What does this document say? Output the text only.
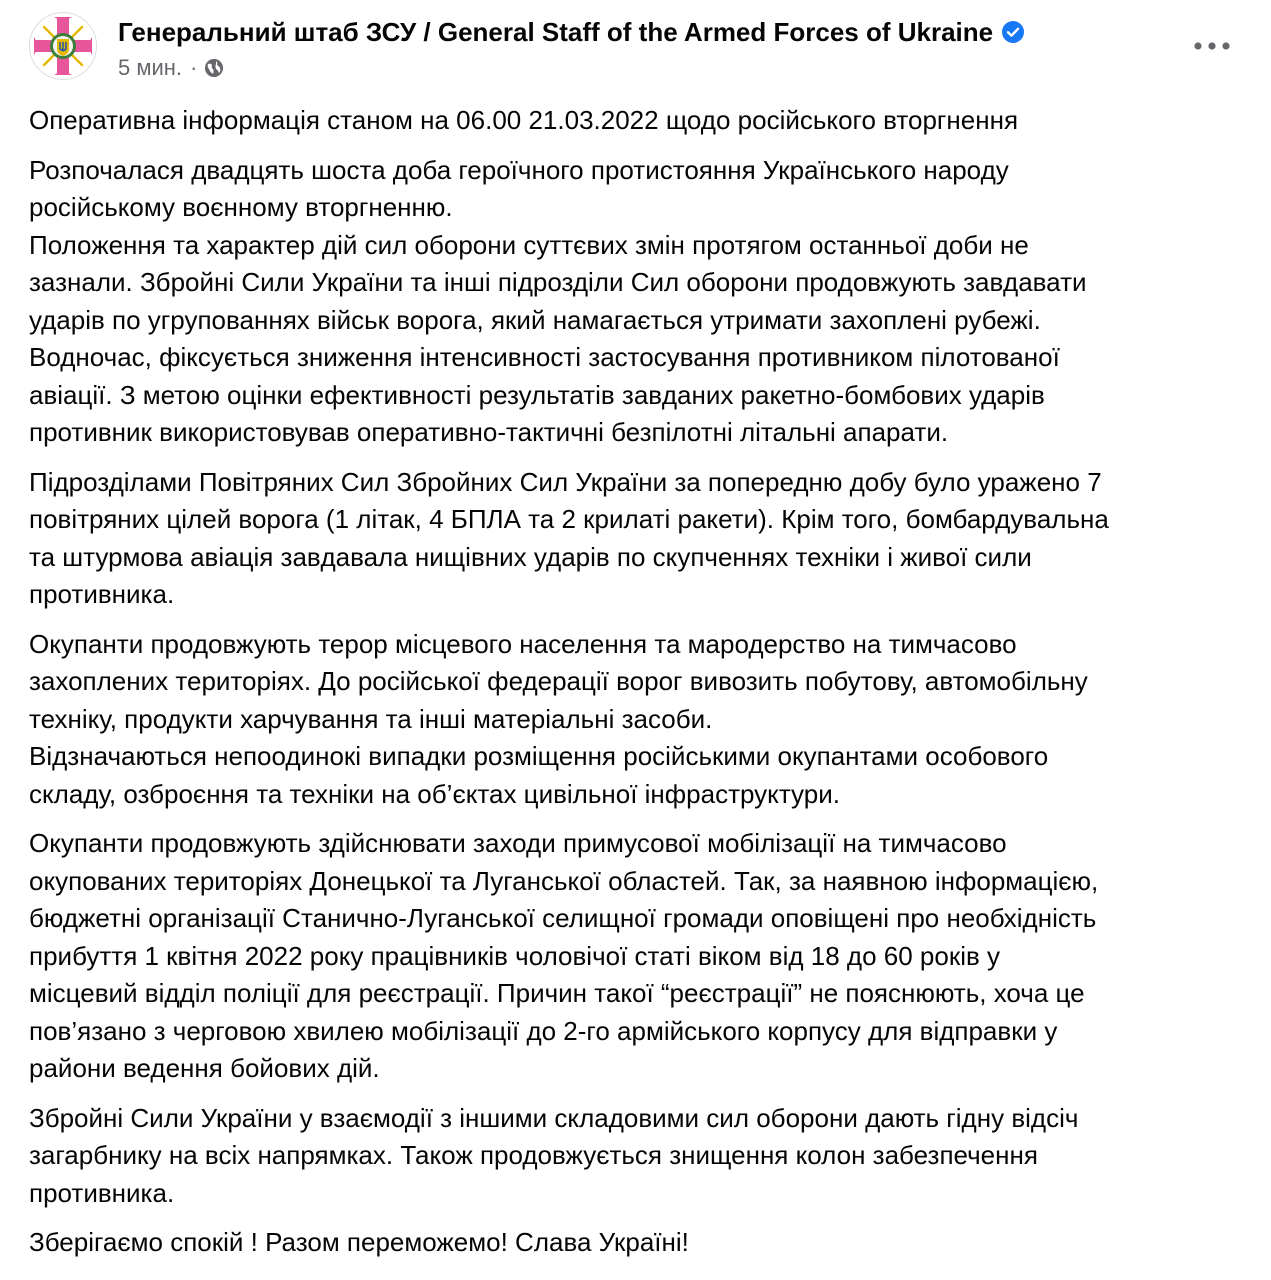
Генеральний штаб ЗСУ / General Staff of the Armed Forces of Ukraine
5 мин. ·
Оперативна інформація станом на 06.00 21.03.2022 щодо російського вторгнення
Розпочалася двадцять шоста доба героїчного протистояння Українського народу
російському воєнному вторгненню.
Положення та характер дій сил оборони суттєвих змін протягом останньої доби не
зазнали. Збройні Сили України та інші підрозділи Сил оборони продовжують завдавати
ударів по угрупованнях військ ворога, який намагається утримати захоплені рубежі.
Водночас, фіксується зниження інтенсивності застосування противником пілотованої
авіації. З метою оцінки ефективності результатів завданих ракетно-бомбових ударів
противник використовував оперативно-тактичні безпілотні літальні апарати.
Підрозділами Повітряних Сил Збройних Сил України за попередню добу було уражено 7
повітряних цілей ворога (1 літак, 4 БПЛА та 2 крилаті ракети). Крім того, бомбардувальна
та штурмова авіація завдавала нищівних ударів по скупченнях техніки і живої сили
противника.
Окупанти продовжують терор місцевого населення та мародерство на тимчасово
захоплених територіях. До російської федерації ворог вивозить побутову, автомобільну
техніку, продукти харчування та інші матеріальні засоби.
Відзначаються непоодинокі випадки розміщення російськими окупантами особового
складу, озброєння та техніки на об’єктах цивільної інфраструктури.
Окупанти продовжують здійснювати заходи примусової мобілізації на тимчасово
окупованих територіях Донецької та Луганської областей. Так, за наявною інформацією,
бюджетні організації Станично-Луганської селищної громади оповіщені про необхідність
прибуття 1 квітня 2022 року працівників чоловічої статі віком від 18 до 60 років у
місцевий відділ поліції для реєстрації. Причин такої “реєстрації” не пояснюють, хоча це
пов’язано з черговою хвилею мобілізації до 2-го армійського корпусу для відправки у
райони ведення бойових дій.
Збройні Сили України у взаємодії з іншими складовими сил оборони дають гідну відсіч
загарбнику на всіх напрямках. Також продовжується знищення колон забезпечення
противника.
Зберігаємо спокій ! Разом переможемо! Слава Україні!
